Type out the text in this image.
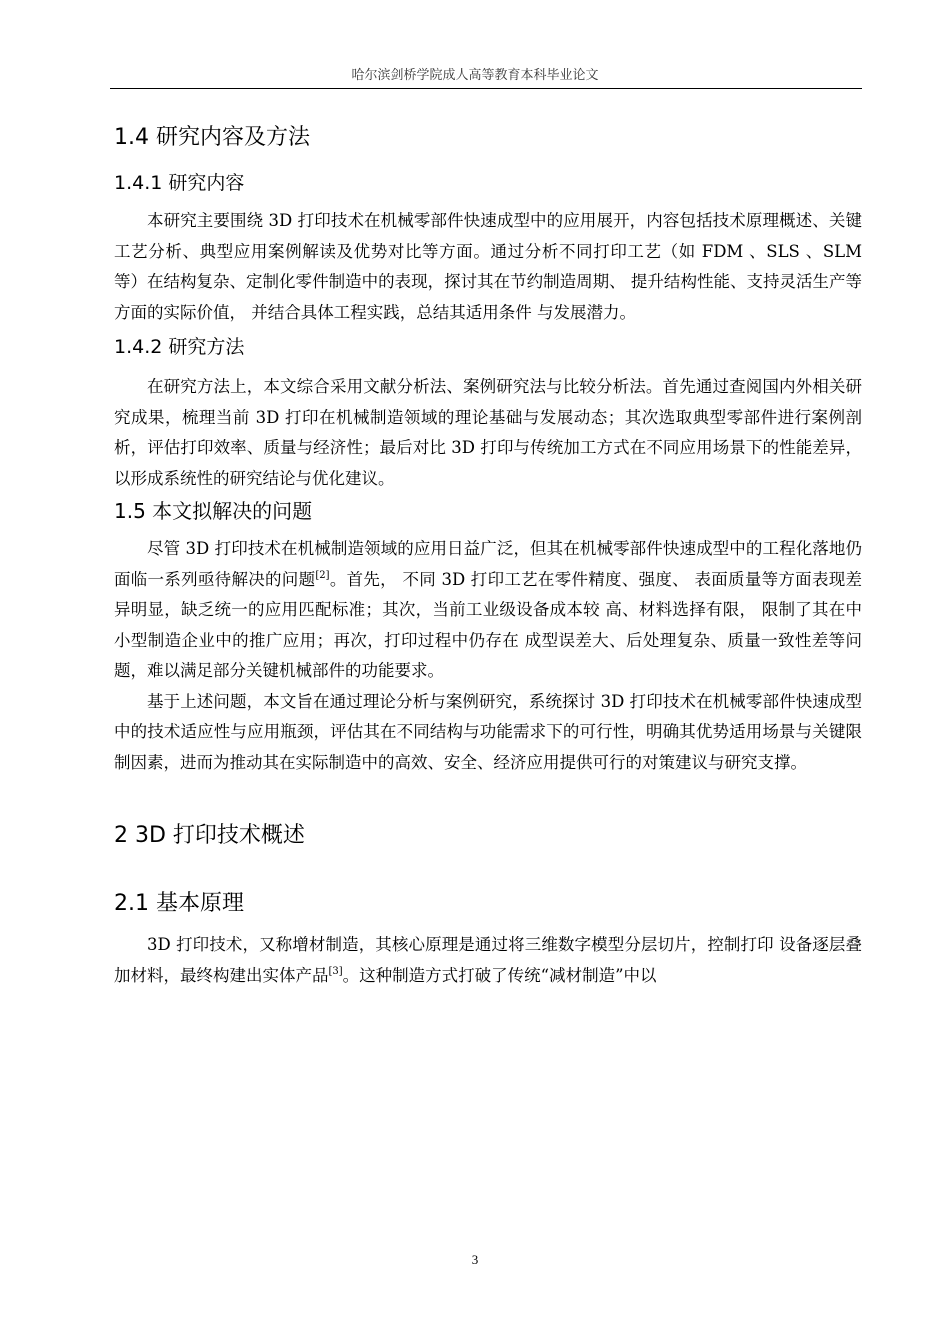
哈尔滨剑桥学院成人高等教育本科毕业论文
1.4 研究内容及方法
1.4.1 研究内容

本研究主要围绕 3D 打印技术在机械零部件快速成型中的应用展开，内容包括技术原理概述、关键工艺分析、典型应用案例解读及优势对比等方面。通过分析不同打印工艺（如 FDM 、SLS 、SLM 等）在结构复杂、定制化零件制造中的表现，探讨其在节约制造周期、 提升结构性能、支持灵活生产等方面的实际价值， 并结合具体工程实践，总结其适用条件 与发展潜力。

1.4.2 研究方法

在研究方法上，本文综合采用文献分析法、案例研究法与比较分析法。首先通过查阅国内外相关研究成果，梳理当前 3D 打印在机械制造领域的理论基础与发展动态；其次选取典型零部件进行案例剖析，评估打印效率、质量与经济性；最后对比 3D 打印与传统加工方式在不同应用场景下的性能差异，以形成系统性的研究结论与优化建议。

1.5 本文拟解决的问题

尽管 3D 打印技术在机械制造领域的应用日益广泛，但其在机械零部件快速成型中的工程化落地仍面临一系列亟待解决的问题[2]。首先， 不同 3D 打印工艺在零件精度、强度、 表面质量等方面表现差异明显，缺乏统一的应用匹配标准；其次，当前工业级设备成本较 高、材料选择有限， 限制了其在中小型制造企业中的推广应用；再次，打印过程中仍存在 成型误差大、后处理复杂、质量一致性差等问题，难以满足部分关键机械部件的功能要求。

基于上述问题，本文旨在通过理论分析与案例研究，系统探讨 3D 打印技术在机械零部件快速成型中的技术适应性与应用瓶颈，评估其在不同结构与功能需求下的可行性，明确其优势适用场景与关键限制因素，进而为推动其在实际制造中的高效、安全、经济应用提供可行的对策建议与研究支撑。

2 3D 打印技术概述
2.1 基本原理

3D 打印技术，又称增材制造，其核心原理是通过将三维数字模型分层切片，控制打印 设备逐层叠加材料，最终构建出实体产品[3]。这种制造方式打破了传统“减材制造”中以

3
